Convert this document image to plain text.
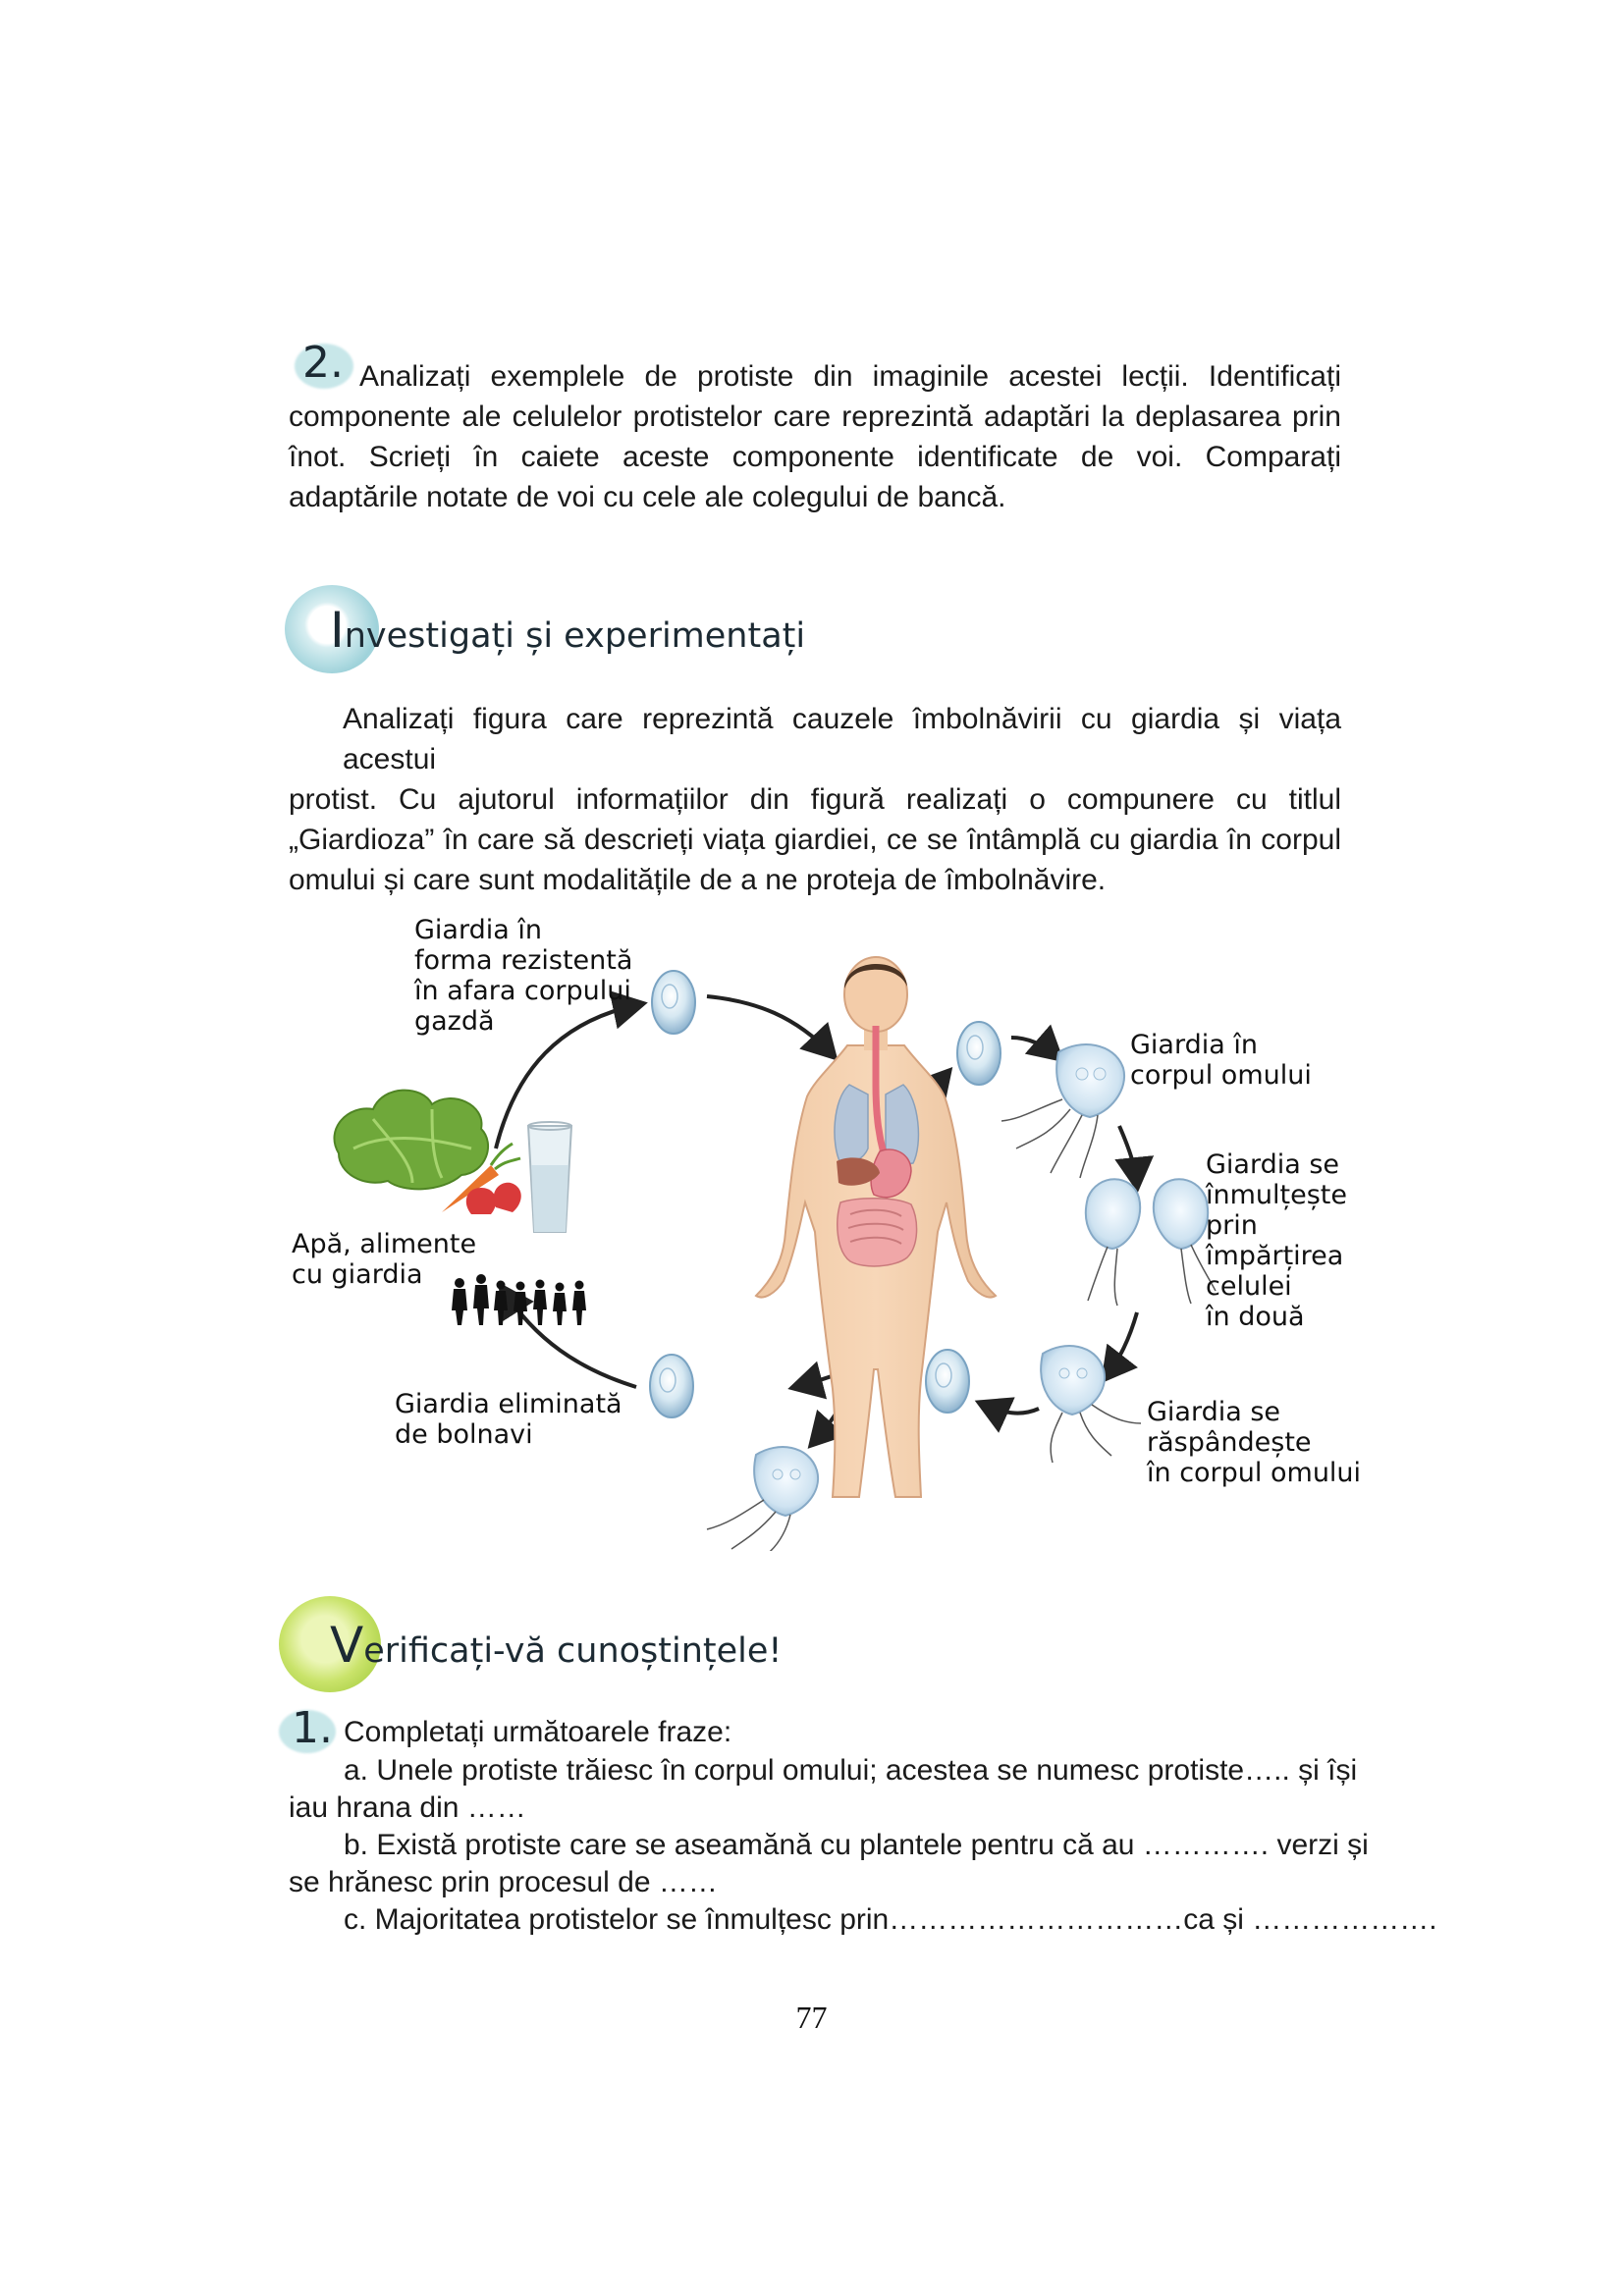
2. Analizați exemplele de protiste din imaginile acestei lecții. Identificați
componente ale celulelor protistelor care reprezintă adaptări la deplasarea prin
înot. Scrieți în caiete aceste componente identificate de voi. Comparați
adaptările notate de voi cu cele ale colegului de bancă.

Investigați și experimentați

Analizați figura care reprezintă cauzele îmbolnăvirii cu giardia și viața acestui
protist. Cu ajutorul informațiilor din figură realizați o compunere cu titlul
„Giardioza” în care să descrieți viața giardiei, ce se întâmplă cu giardia în corpul
omului și care sunt modalitățile de a ne proteja de îmbolnăvire.

Giardia în
forma rezistentă
în afara corpului
gazdă
Giardia în
corpul omului
Giardia se
înmulțește
prin
împărțirea
celulei
în două
Giardia se
răspândește
în corpul omului
Giardia eliminată
de bolnavi
Apă, alimente
cu giardia
Verificați-vă cunoștințele!
1. Completați următoarele fraze:
a. Unele protiste trăiesc în corpul omului; acestea se numesc protiste….. și își
iau hrana din ……
b. Există protiste care se aseamănă cu plantele pentru că au …………. verzi și
se hrănesc prin procesul de ……
c. Majoritatea protistelor se înmulțesc prin…………………………ca și ……………….
77
